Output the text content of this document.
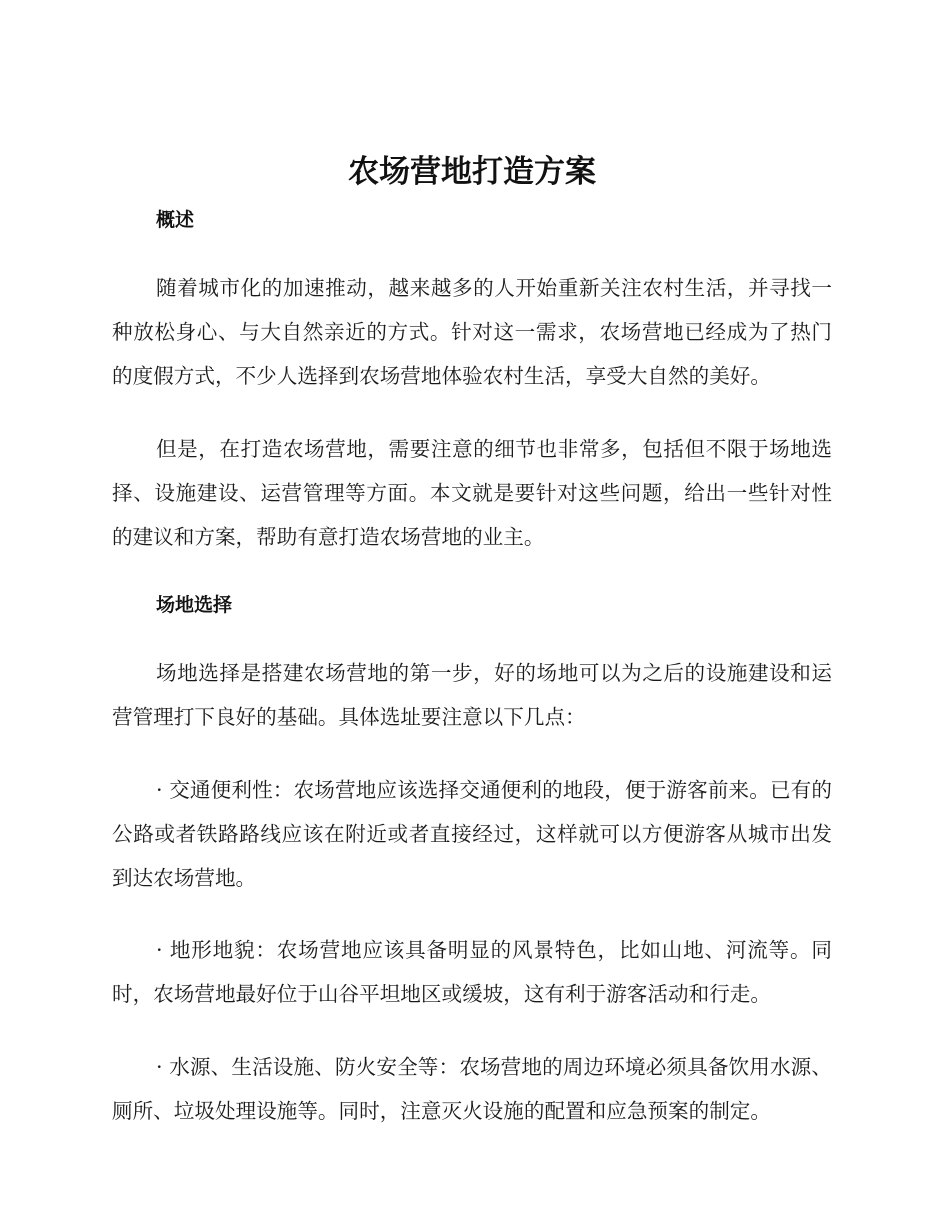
农场营地打造方案
概述

随着城市化的加速推动，越来越多的人开始重新关注农村生活，并寻找一种放松身心、与大自然亲近的方式。针对这一需求，农场营地已经成为了热门的度假方式，不少人选择到农场营地体验农村生活，享受大自然的美好。

但是，在打造农场营地，需要注意的细节也非常多，包括但不限于场地选择、设施建设、运营管理等方面。本文就是要针对这些问题，给出一些针对性的建议和方案，帮助有意打造农场营地的业主。

场地选择

场地选择是搭建农场营地的第一步，好的场地可以为之后的设施建设和运营管理打下良好的基础。具体选址要注意以下几点：

· 交通便利性：农场营地应该选择交通便利的地段，便于游客前来。已有的公路或者铁路路线应该在附近或者直接经过，这样就可以方便游客从城市出发到达农场营地。

· 地形地貌：农场营地应该具备明显的风景特色，比如山地、河流等。同时，农场营地最好位于山谷平坦地区或缓坡，这有利于游客活动和行走。

· 水源、生活设施、防火安全等：农场营地的周边环境必须具备饮用水源、厕所、垃圾处理设施等。同时，注意灭火设施的配置和应急预案的制定。
